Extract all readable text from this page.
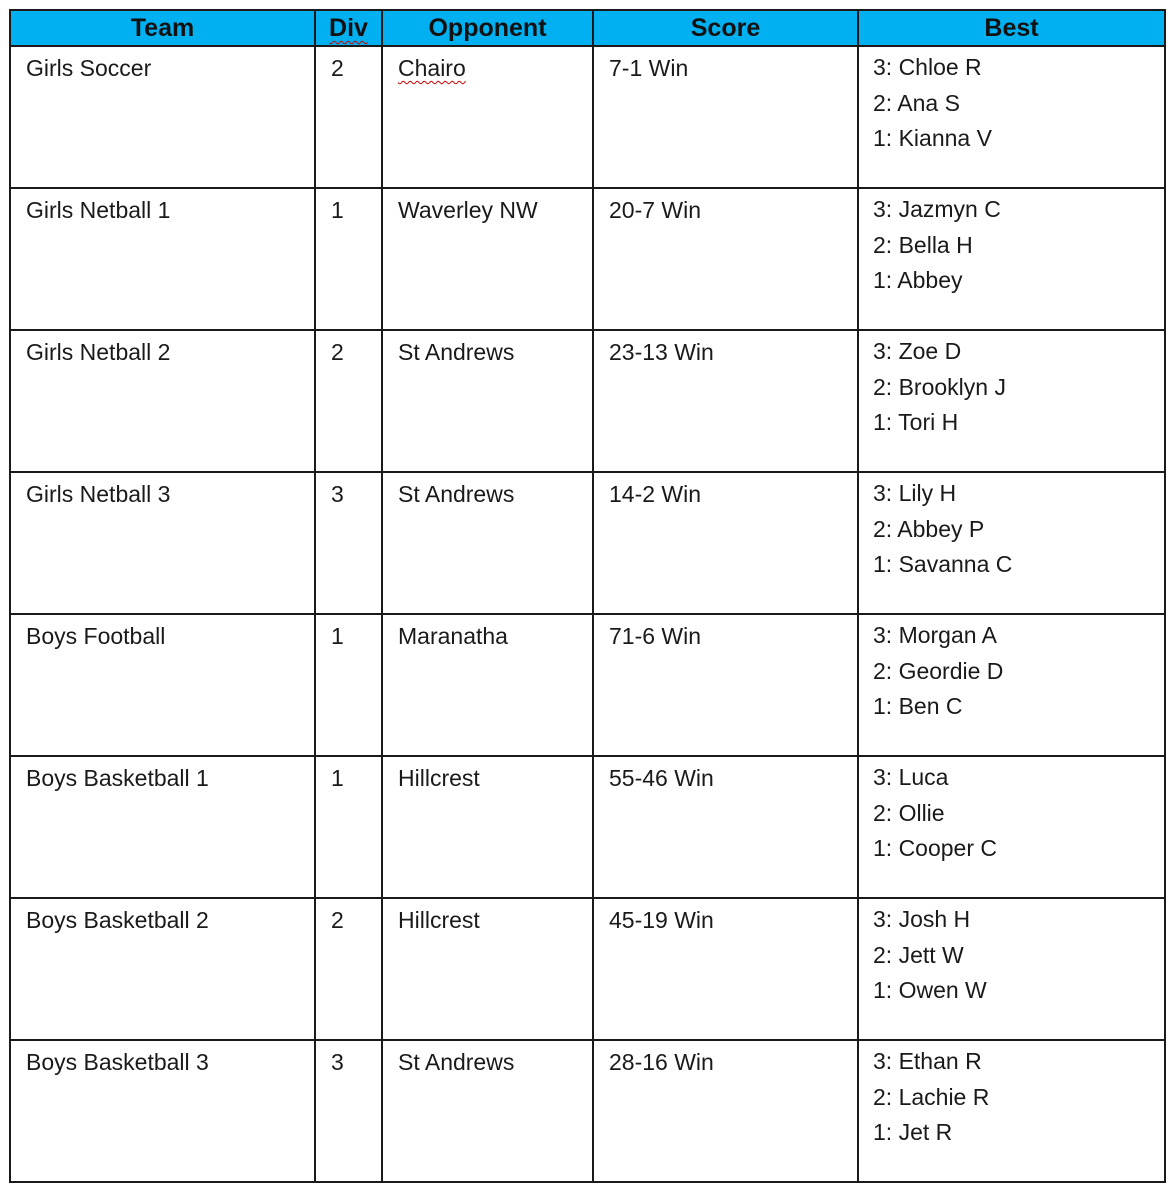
Team	Div	Opponent	Score	Best

Girls Soccer	2	Chairo	7-1 Win	3: Chloe R
2: Ana S
1: Kianna V

Girls Netball 1	1	Waverley NW	20-7 Win	3: Jazmyn C
2: Bella H
1: Abbey

Girls Netball 2	2	St Andrews	23-13 Win	3: Zoe D
2: Brooklyn J
1: Tori H

Girls Netball 3	3	St Andrews	14-2 Win	3: Lily H
2: Abbey P
1: Savanna C

Boys Football	1	Maranatha	71-6 Win	3: Morgan A
2: Geordie D
1: Ben C

Boys Basketball 1	1	Hillcrest	55-46 Win	3: Luca
2: Ollie
1: Cooper C

Boys Basketball 2	2	Hillcrest	45-19 Win	3: Josh H
2: Jett W
1: Owen W

Boys Basketball 3	3	St Andrews	28-16 Win	3: Ethan R
2: Lachie R
1: Jet R
